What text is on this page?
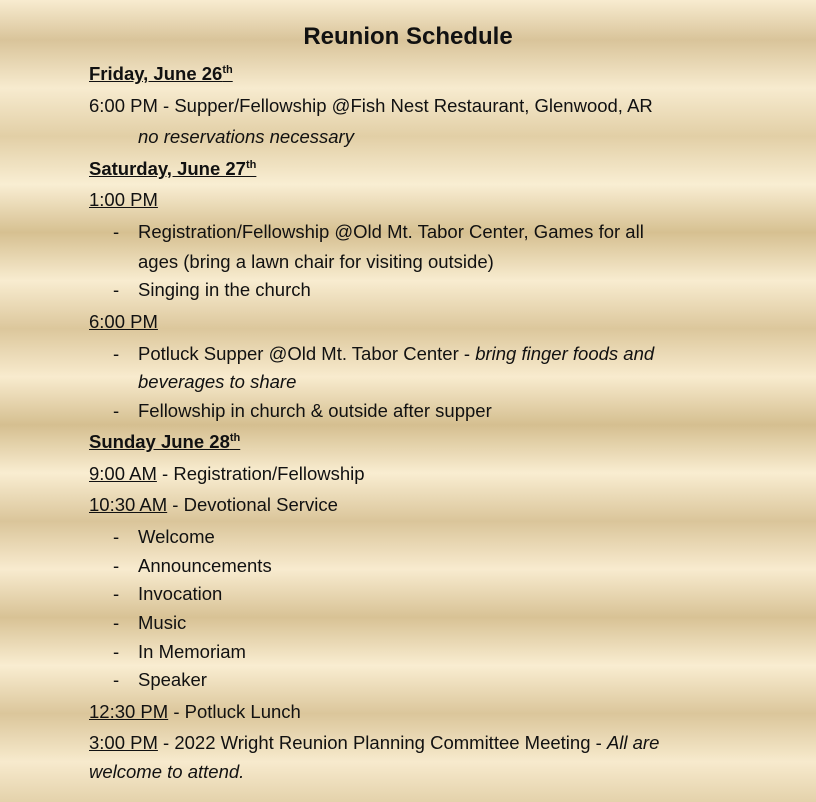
Reunion Schedule
Friday, June 26th
6:00 PM - Supper/Fellowship @Fish Nest Restaurant, Glenwood, AR
no reservations necessary
Saturday, June 27th
1:00 PM
- Registration/Fellowship @Old Mt. Tabor Center, Games for all
ages (bring a lawn chair for visiting outside)
- Singing in the church
6:00 PM
- Potluck Supper @Old Mt. Tabor Center - bring finger foods and
beverages to share
- Fellowship in church & outside after supper
Sunday June 28th
9:00 AM - Registration/Fellowship
10:30 AM - Devotional Service
- Welcome
- Announcements
- Invocation
- Music
- In Memoriam
- Speaker
12:30 PM - Potluck Lunch
3:00 PM - 2022 Wright Reunion Planning Committee Meeting - All are
welcome to attend.
